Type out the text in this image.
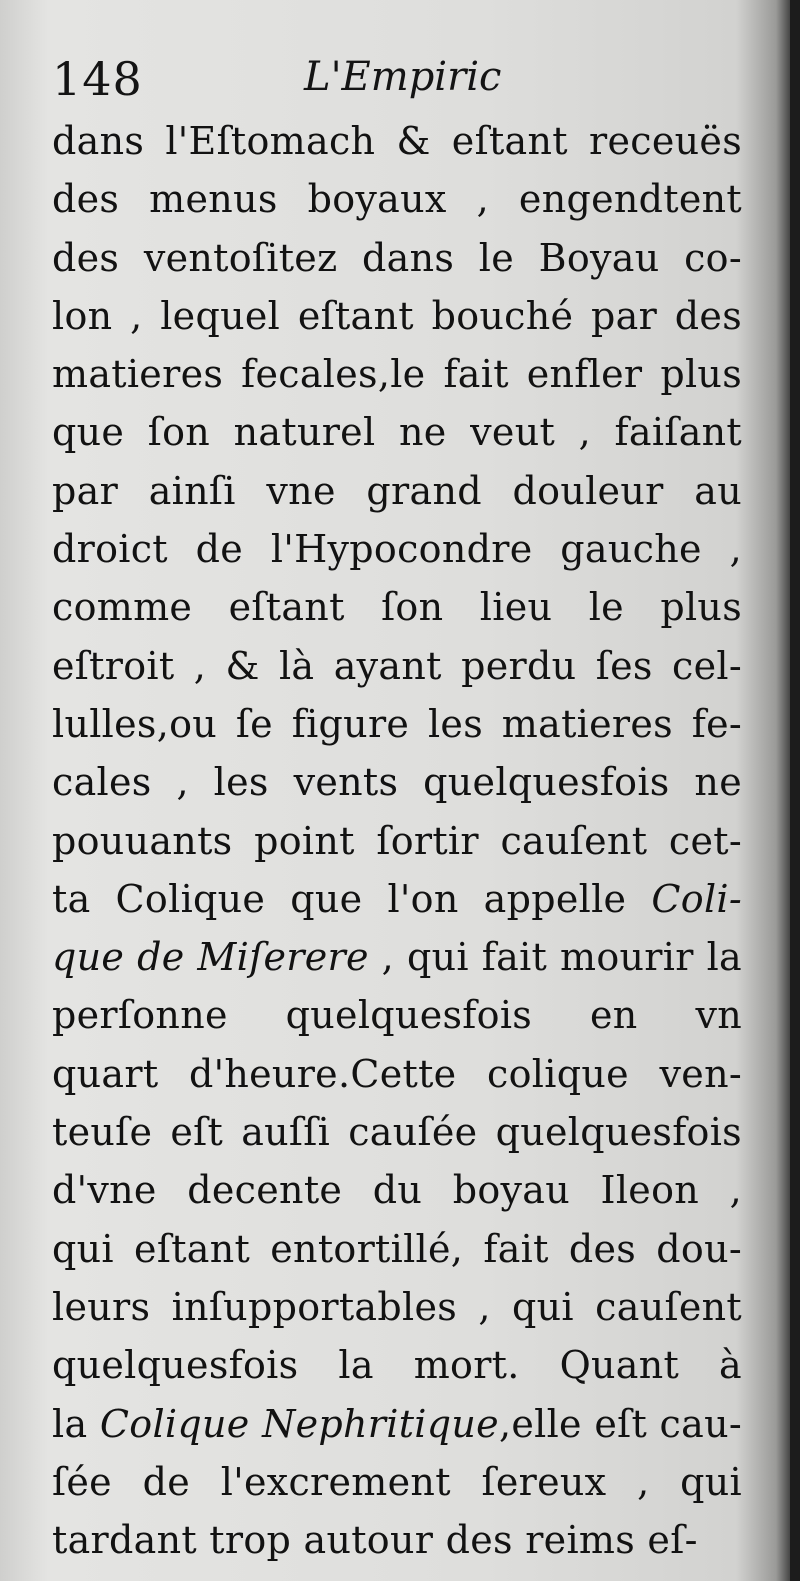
148	L'Empiric
dans l'Eſtomach & eſtant receuës
des menus boyaux , engendtent
des ventoſitez dans le Boyau co-
lon , lequel eſtant bouché par des
matieres fecales,le fait enfler plus
que ſon naturel ne veut , faiſant
par ainſi vne grand douleur au
droict de l'Hypocondre gauche ,
comme eſtant ſon lieu le plus
eſtroit , & là ayant perdu ſes cel-
lulles,ou ſe figure les matieres fe-
cales , les vents quelquesfois ne
pouuants point ſortir cauſent cet-
ta Colique que l'on appelle Coli-
que de Miſerere , qui fait mourir la
perſonne quelquesfois en vn
quart d'heure.Cette colique ven-
teuſe eſt auſſi cauſée quelquesfois
d'vne decente du boyau Ileon ,
qui eſtant entortillé, fait des dou-
leurs inſupportables , qui cauſent
quelquesfois la mort. Quant à
la Colique Nephritique,elle eſt cau-
ſée de l'excrement ſereux , qui
tardant trop autour des reims eſ-
